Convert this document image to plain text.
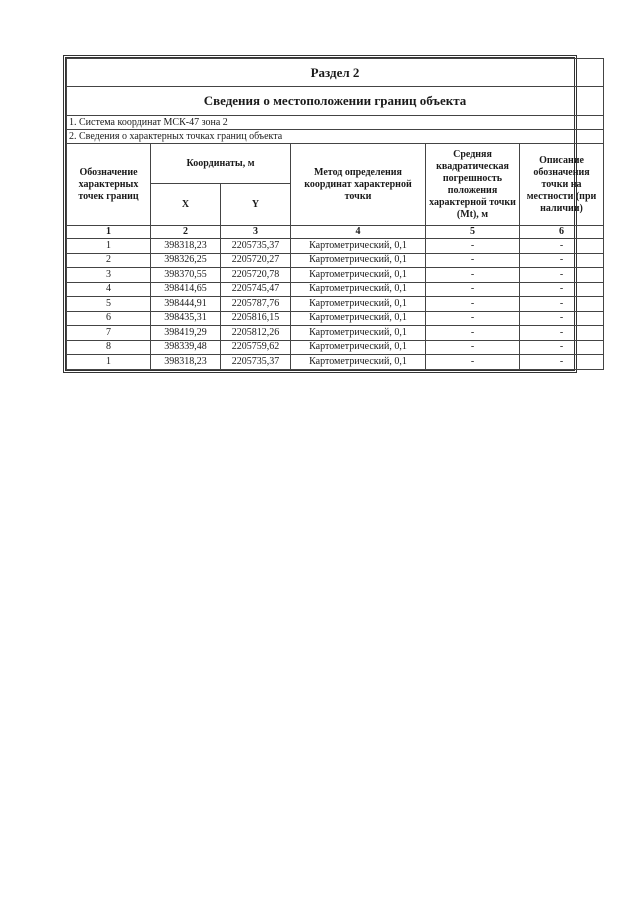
Раздел 2					
Сведения о местоположении границ объекта					
1. Система координат МСК-47 зона 2					
2. Сведения о характерных точках границ объекта					
Обозначение характерных точек границ	Координаты, м		Метод определения координат характерной точки	Средняя квадратическая погрешность положения характерной точки (Mt), м	Описание обозначения точки на местности (при наличии)
	X	Y			
1	2	3	4	5	6
1	398318,23	2205735,37	Картометрический, 0,1	-	-
2	398326,25	2205720,27	Картометрический, 0,1	-	-
3	398370,55	2205720,78	Картометрический, 0,1	-	-
4	398414,65	2205745,47	Картометрический, 0,1	-	-
5	398444,91	2205787,76	Картометрический, 0,1	-	-
6	398435,31	2205816,15	Картометрический, 0,1	-	-
7	398419,29	2205812,26	Картометрический, 0,1	-	-
8	398339,48	2205759,62	Картометрический, 0,1	-	-
1	398318,23	2205735,37	Картометрический, 0,1	-	-
